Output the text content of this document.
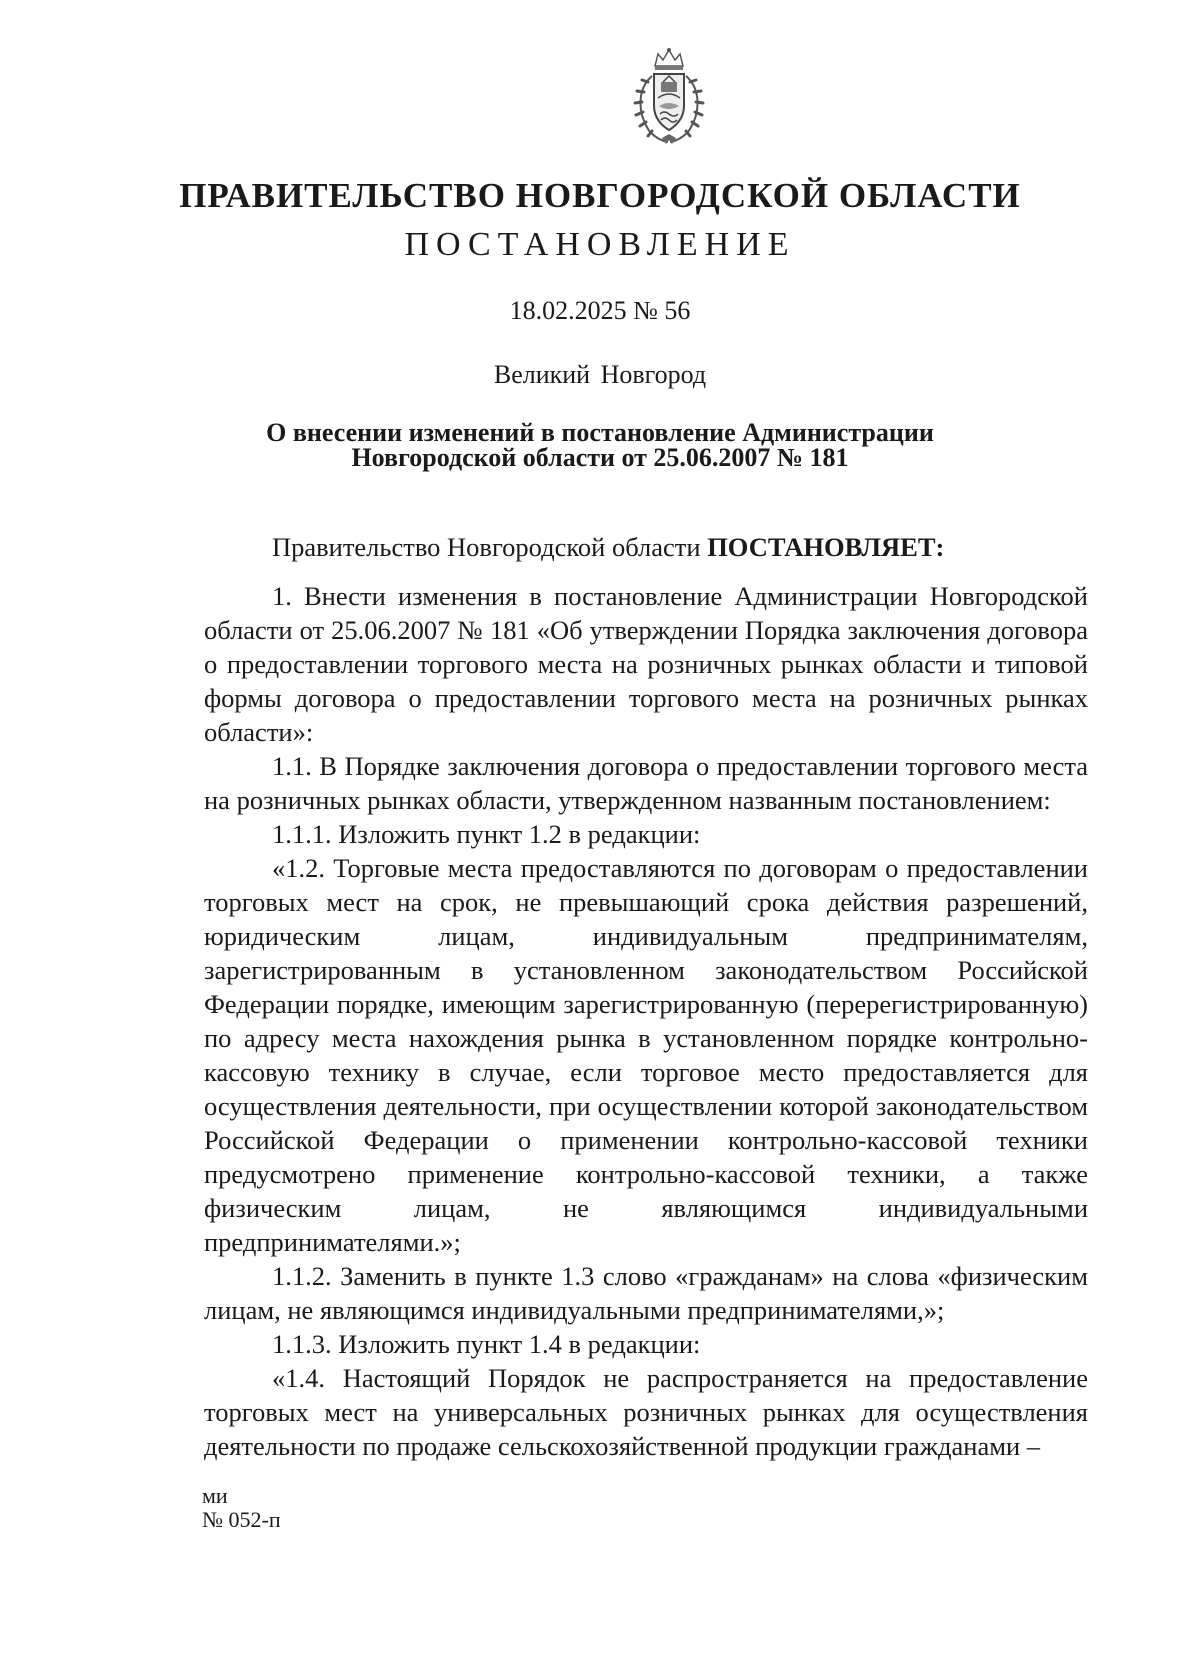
ПРАВИТЕЛЬСТВО НОВГОРОДСКОЙ ОБЛАСТИ
ПОСТАНОВЛЕНИЕ
18.02.2025 № 56
Великий Новгород
О внесении изменений в постановление Администрации
Новгородской области от 25.06.2007 № 181

Правительство Новгородской области ПОСТАНОВЛЯЕТ:

1. Внести изменения в постановление Администрации Новгородской области от 25.06.2007 № 181 «Об утверждении Порядка заключения договора о предоставлении торгового места на розничных рынках области и типовой формы договора о предоставлении торгового места на розничных рынках области»:

1.1. В Порядке заключения договора о предоставлении торгового места на розничных рынках области, утвержденном названным постановлением:

1.1.1. Изложить пункт 1.2 в редакции:

«1.2. Торговые места предоставляются по договорам о предоставлении торговых мест на срок, не превышающий срока действия разрешений, юридическим лицам, индивидуальным предпринимателям, зарегистрированным в установленном законодательством Российской Федерации порядке, имеющим зарегистрированную (перерегистрированную) по адресу места нахождения рынка в установленном порядке контрольно-кассовую технику в случае, если торговое место предоставляется для осуществления деятельности, при осуществлении которой законодательством Российской Федерации о применении контрольно-кассовой техники предусмотрено применение контрольно-кассовой техники, а также физическим лицам, не являющимся индивидуальными предпринимателями.»;

1.1.2. Заменить в пункте 1.3 слово «гражданам» на слова «физическим лицам, не являющимся индивидуальными предпринимателями,»;

1.1.3. Изложить пункт 1.4 в редакции:

«1.4. Настоящий Порядок не распространяется на предоставление торговых мест на универсальных розничных рынках для осуществления деятельности по продаже сельскохозяйственной продукции гражданами –

ми
№ 052-п
